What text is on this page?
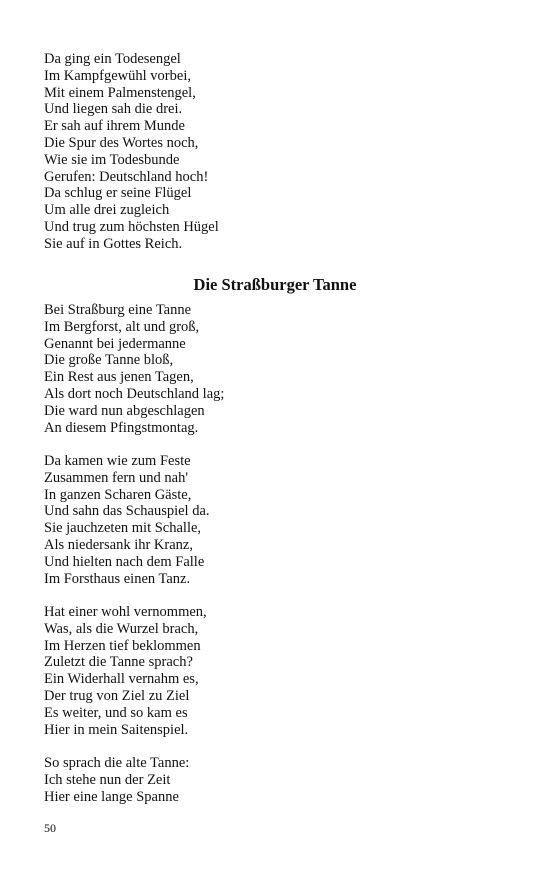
Da ging ein Todesengel
Im Kampfgewühl vorbei,
Mit einem Palmenstengel,
Und liegen sah die drei.
Er sah auf ihrem Munde
Die Spur des Wortes noch,
Wie sie im Todesbunde
Gerufen: Deutschland hoch!
Da schlug er seine Flügel
Um alle drei zugleich
Und trug zum höchsten Hügel
Sie auf in Gottes Reich.
Die Straßburger Tanne
Bei Straßburg eine Tanne
Im Bergforst, alt und groß,
Genannt bei jedermanne
Die große Tanne bloß,
Ein Rest aus jenen Tagen,
Als dort noch Deutschland lag;
Die ward nun abgeschlagen
An diesem Pfingstmontag.
Da kamen wie zum Feste
Zusammen fern und nah'
In ganzen Scharen Gäste,
Und sahn das Schauspiel da.
Sie jauchzeten mit Schalle,
Als niedersank ihr Kranz,
Und hielten nach dem Falle
Im Forsthaus einen Tanz.
Hat einer wohl vernommen,
Was, als die Wurzel brach,
Im Herzen tief beklommen
Zuletzt die Tanne sprach?
Ein Widerhall vernahm es,
Der trug von Ziel zu Ziel
Es weiter, und so kam es
Hier in mein Saitenspiel.
So sprach die alte Tanne:
Ich stehe nun der Zeit
Hier eine lange Spanne
50
